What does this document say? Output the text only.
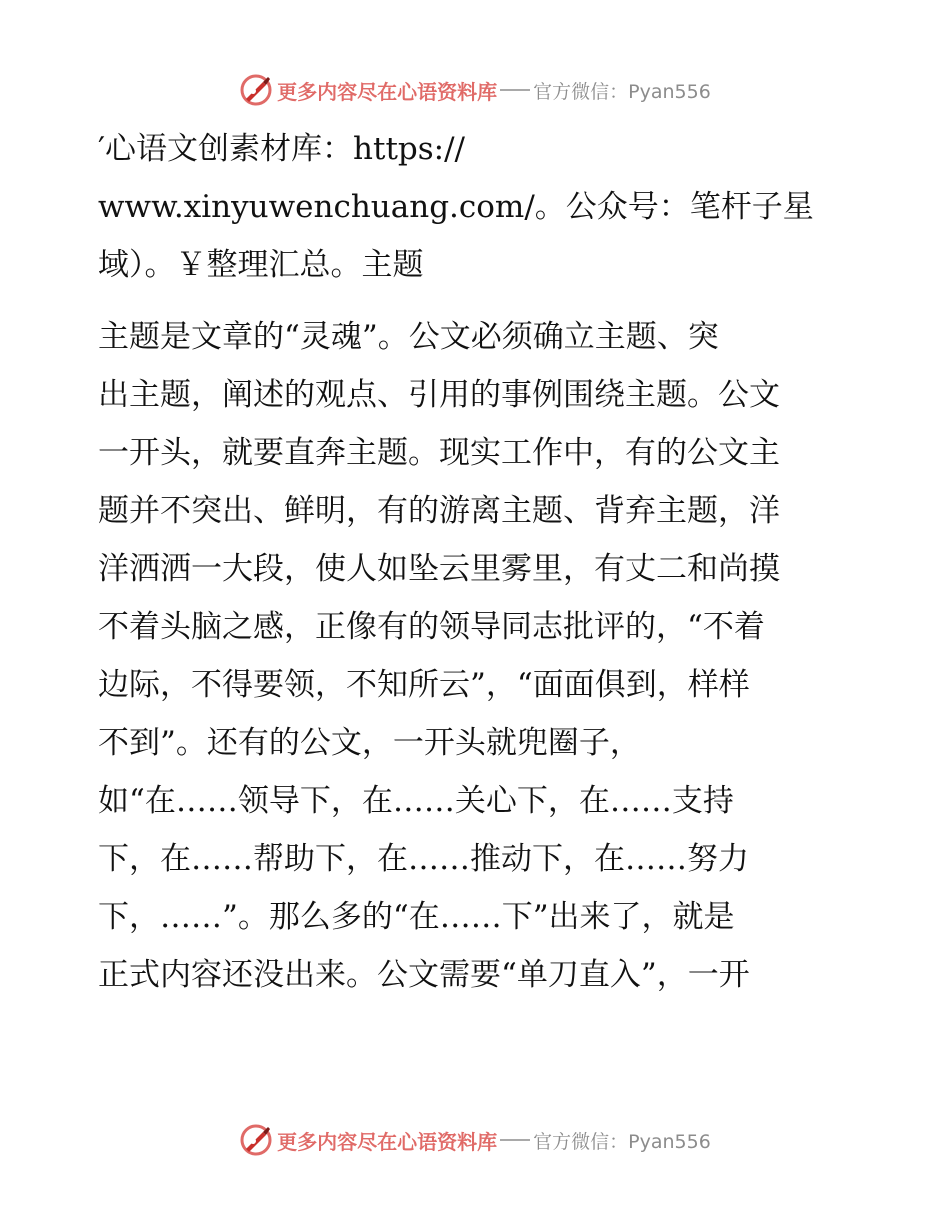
更多内容尽在心语资料库 官方微信：Pyan556
′心语文创素材库：https://
www.xinyuwenchuang.com/。公众号：笔杆子星
域）。￥整理汇总。主题
主题是文章的“灵魂”。公文必须确立主题、突
出主题，阐述的观点、引用的事例围绕主题。公文
一开头，就要直奔主题。现实工作中，有的公文主
题并不突出、鲜明，有的游离主题、背弃主题，洋
洋洒洒一大段，使人如坠云里雾里，有丈二和尚摸
不着头脑之感，正像有的领导同志批评的，“不着
边际，不得要领，不知所云”，“面面俱到，样样
不到”。还有的公文，一开头就兜圈子，
如“在……领导下，在……关心下，在……支持
下，在……帮助下，在……推动下，在……努力
下，……”。那么多的“在……下”出来了，就是
正式内容还没出来。公文需要“单刀直入”，一开
更多内容尽在心语资料库 官方微信：Pyan556
